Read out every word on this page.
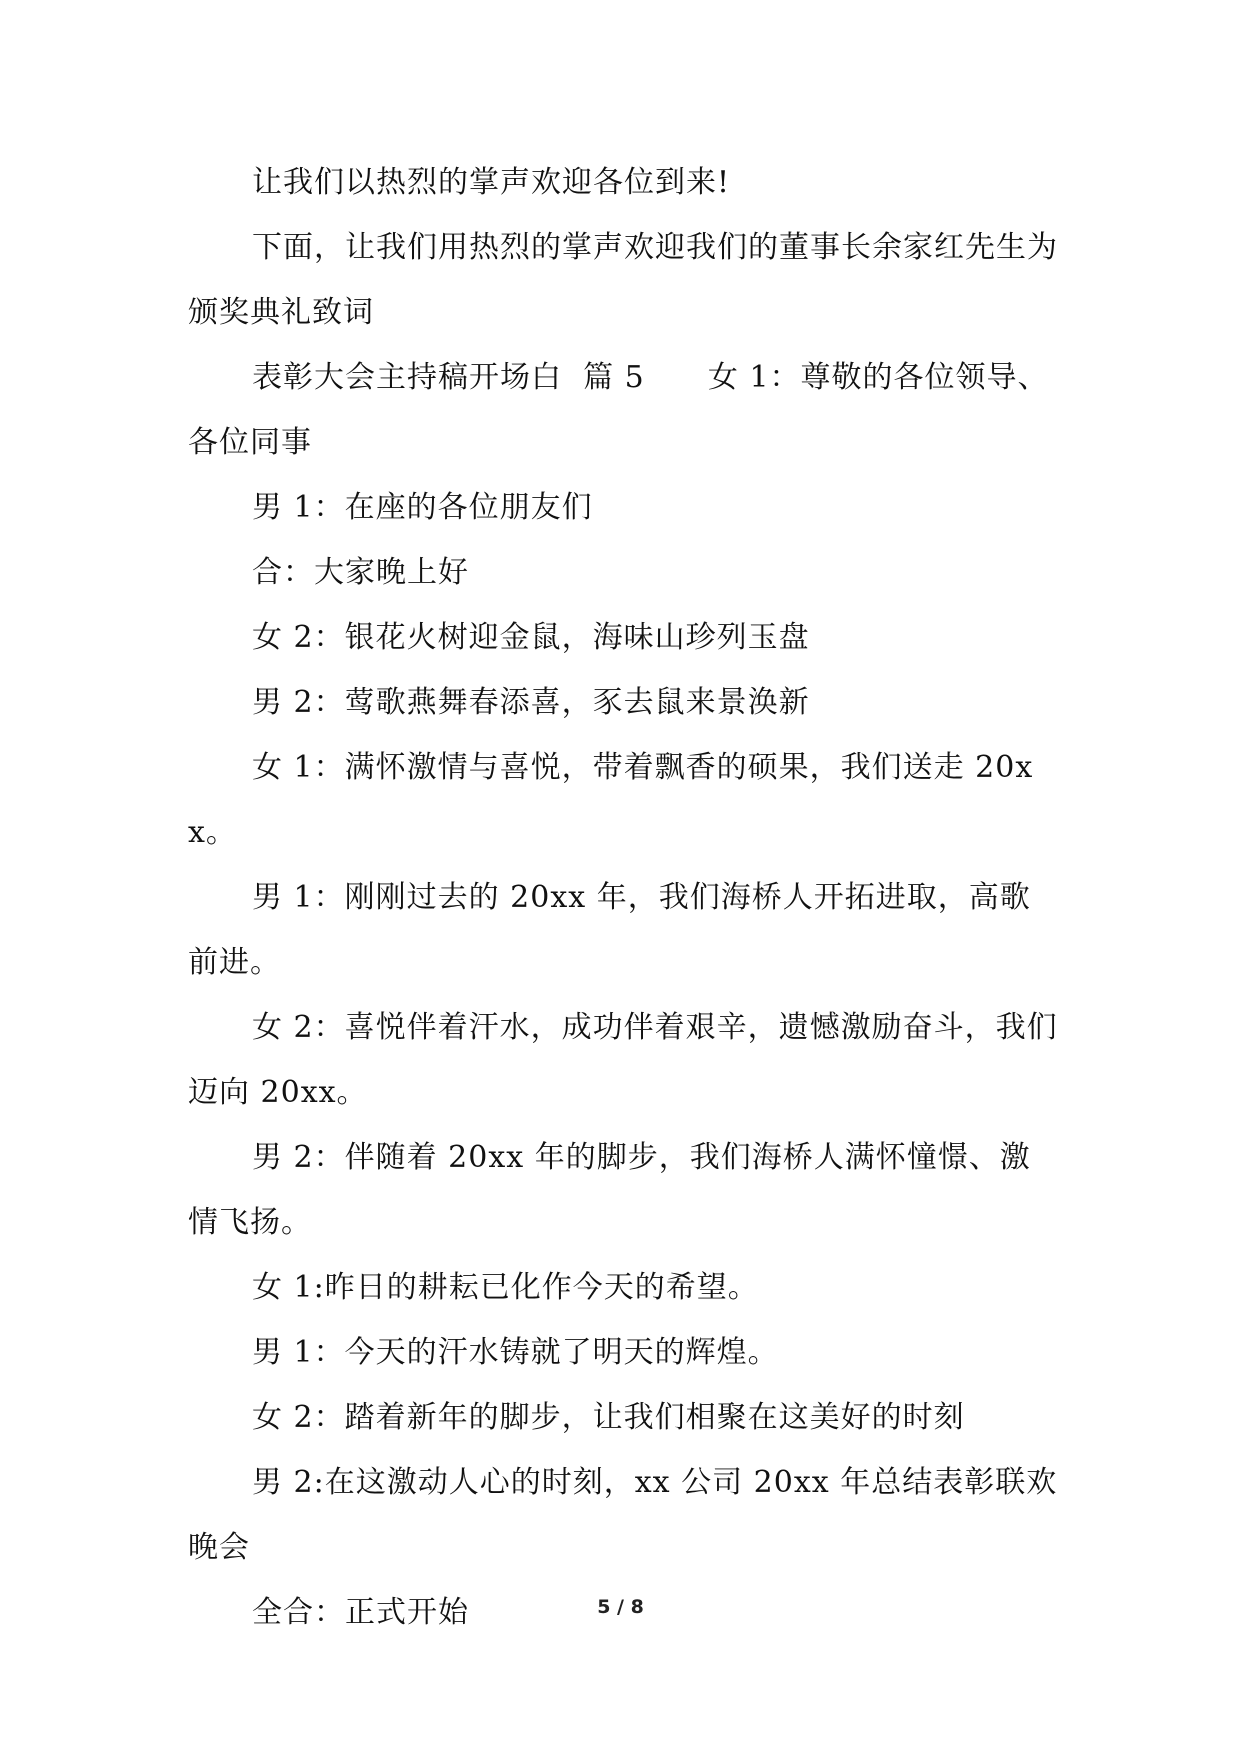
让我们以热烈的掌声欢迎各位到来!

下面，让我们用热烈的掌声欢迎我们的董事长余家红先生为颁奖典礼致词

表彰大会主持稿开场白  篇 5      女 1：尊敬的各位领导、各位同事

男 1：在座的各位朋友们

合：大家晚上好

女 2：银花火树迎金鼠，海味山珍列玉盘

男 2：莺歌燕舞春添喜，豕去鼠来景涣新

女 1：满怀激情与喜悦，带着飘香的硕果，我们送走 20xx。

男 1：刚刚过去的 20xx 年，我们海桥人开拓进取，高歌前进。

女 2：喜悦伴着汗水，成功伴着艰辛，遗憾激励奋斗，我们迈向 20xx。

男 2：伴随着 20xx 年的脚步，我们海桥人满怀憧憬、激情飞扬。

女 1:昨日的耕耘已化作今天的希望。

男 1：今天的汗水铸就了明天的辉煌。

女 2：踏着新年的脚步，让我们相聚在这美好的时刻

男 2:在这激动人心的时刻，xx 公司 20xx 年总结表彰联欢晚会

全合：正式开始	5 / 8
